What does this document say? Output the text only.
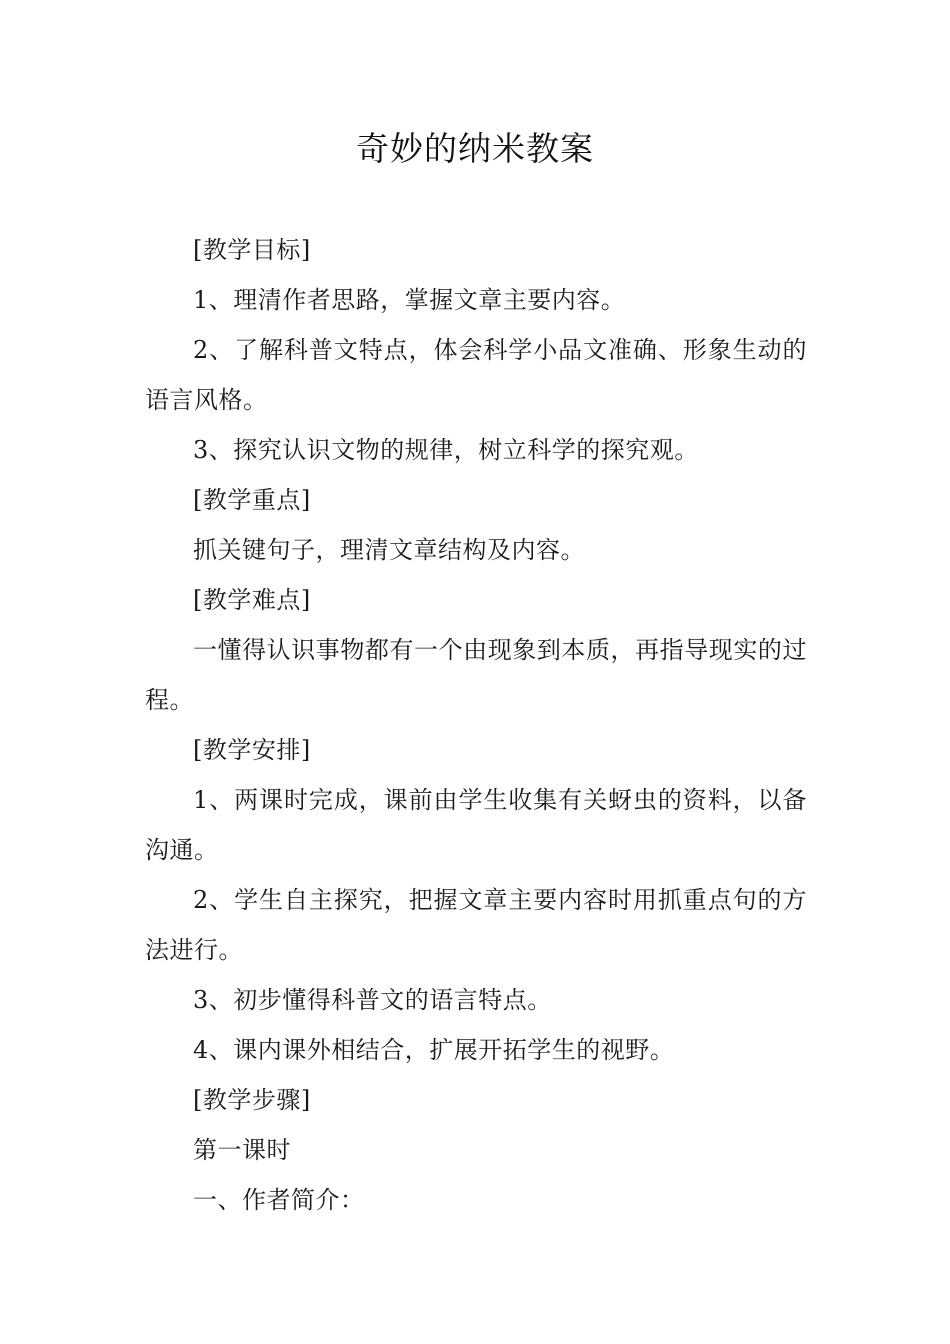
奇妙的纳米教案

[教学目标]

1、理清作者思路，掌握文章主要内容。

2、了解科普文特点，体会科学小品文准确、形象生动的语言风格。

3、探究认识文物的规律，树立科学的探究观。

[教学重点]

抓关键句子，理清文章结构及内容。

[教学难点]

一懂得认识事物都有一个由现象到本质，再指导现实的过程。

[教学安排]

1、两课时完成，课前由学生收集有关蚜虫的资料，以备沟通。

2、学生自主探究，把握文章主要内容时用抓重点句的方法进行。

3、初步懂得科普文的语言特点。

4、课内课外相结合，扩展开拓学生的视野。

[教学步骤]

第一课时

一、作者简介：
